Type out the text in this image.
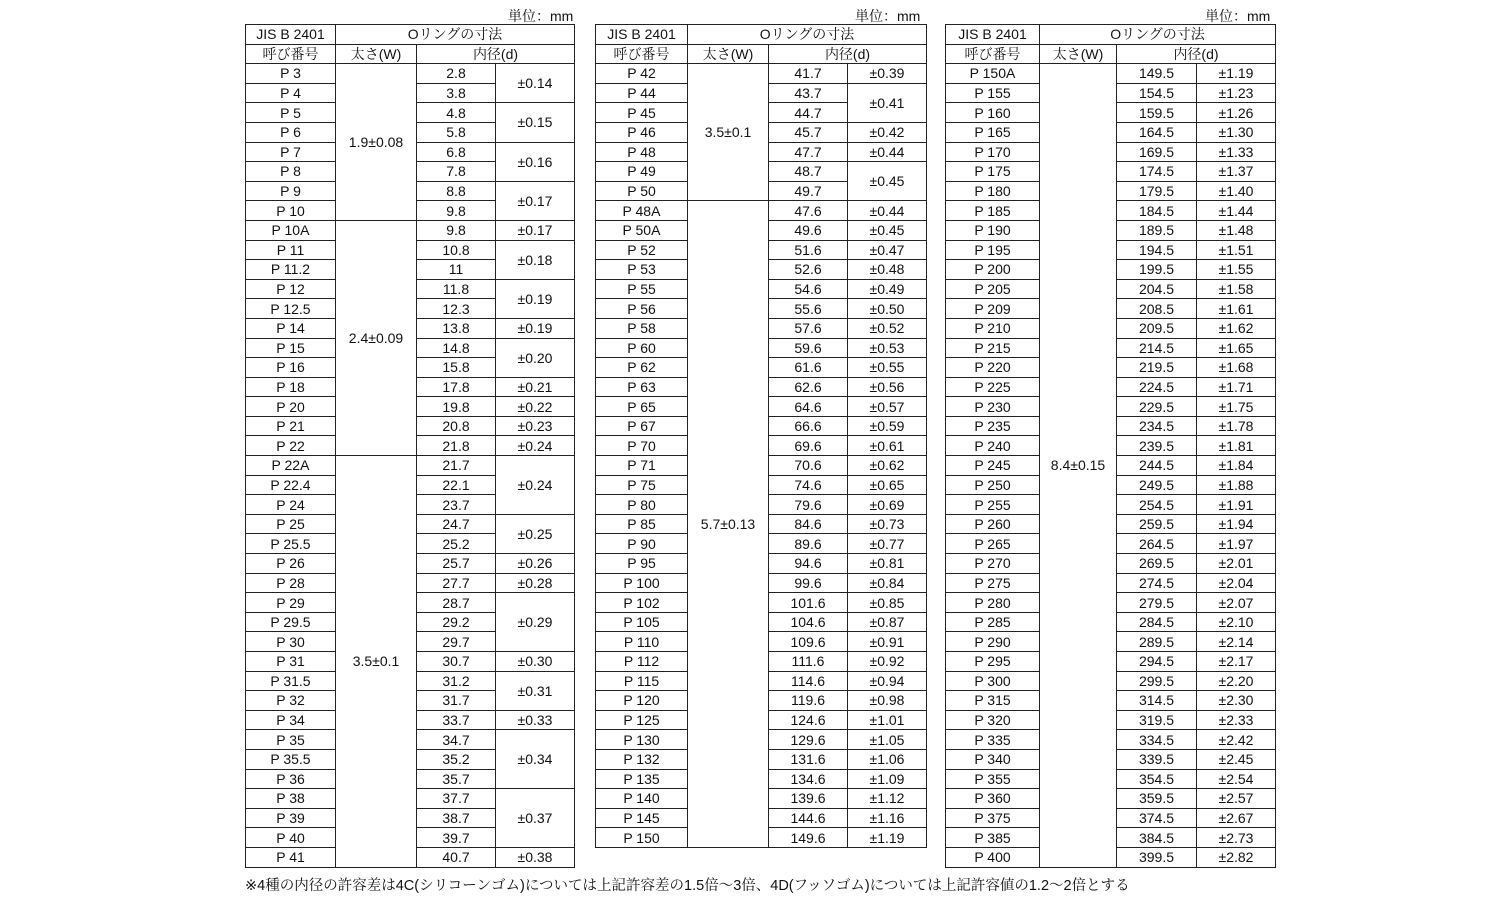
単位：mm	単位：mm	単位：mm
JIS B 2401	Oリングの寸法		
呼び番号	太さ(W)	内径(d)	
P 3	1.9±0.08	2.8	±0.14
P 4		3.8	
P 5		4.8	±0.15
P 6		5.8	
P 7		6.8	±0.16
P 8		7.8	
P 9		8.8	±0.17
P 10		9.8	
P 10A	2.4±0.09	9.8	±0.17
P 11		10.8	±0.18
P 11.2		11	
P 12		11.8	±0.19
P 12.5		12.3	
P 14		13.8	±0.19
P 15		14.8	±0.20
P 16		15.8	
P 18		17.8	±0.21
P 20		19.8	±0.22
P 21		20.8	±0.23
P 22		21.8	±0.24
P 22A	3.5±0.1	21.7	±0.24
P 22.4		22.1	
P 24		23.7	
P 25		24.7	±0.25
P 25.5		25.2	
P 26		25.7	±0.26
P 28		27.7	±0.28
P 29		28.7	±0.29
P 29.5		29.2	
P 30		29.7	
P 31		30.7	±0.30
P 31.5		31.2	±0.31
P 32		31.7	
P 34		33.7	±0.33
P 35		34.7	±0.34
P 35.5		35.2	
P 36		35.7	
P 38		37.7	±0.37
P 39		38.7	
P 40		39.7	
P 41		40.7	±0.38
JIS B 2401	Oリングの寸法		
呼び番号	太さ(W)	内径(d)	
P 42	3.5±0.1	41.7	±0.39
P 44		43.7	±0.41
P 45		44.7	
P 46		45.7	±0.42
P 48		47.7	±0.44
P 49		48.7	±0.45
P 50		49.7	
P 48A	5.7±0.13	47.6	±0.44
P 50A		49.6	±0.45
P 52		51.6	±0.47
P 53		52.6	±0.48
P 55		54.6	±0.49
P 56		55.6	±0.50
P 58		57.6	±0.52
P 60		59.6	±0.53
P 62		61.6	±0.55
P 63		62.6	±0.56
P 65		64.6	±0.57
P 67		66.6	±0.59
P 70		69.6	±0.61
P 71		70.6	±0.62
P 75		74.6	±0.65
P 80		79.6	±0.69
P 85		84.6	±0.73
P 90		89.6	±0.77
P 95		94.6	±0.81
P 100		99.6	±0.84
P 102		101.6	±0.85
P 105		104.6	±0.87
P 110		109.6	±0.91
P 112		111.6	±0.92
P 115		114.6	±0.94
P 120		119.6	±0.98
P 125		124.6	±1.01
P 130		129.6	±1.05
P 132		131.6	±1.06
P 135		134.6	±1.09
P 140		139.6	±1.12
P 145		144.6	±1.16
P 150		149.6	±1.19
JIS B 2401	Oリングの寸法		
呼び番号	太さ(W)	内径(d)	
P 150A	8.4±0.15	149.5	±1.19
P 155		154.5	±1.23
P 160		159.5	±1.26
P 165		164.5	±1.30
P 170		169.5	±1.33
P 175		174.5	±1.37
P 180		179.5	±1.40
P 185		184.5	±1.44
P 190		189.5	±1.48
P 195		194.5	±1.51
P 200		199.5	±1.55
P 205		204.5	±1.58
P 209		208.5	±1.61
P 210		209.5	±1.62
P 215		214.5	±1.65
P 220		219.5	±1.68
P 225		224.5	±1.71
P 230		229.5	±1.75
P 235		234.5	±1.78
P 240		239.5	±1.81
P 245		244.5	±1.84
P 250		249.5	±1.88
P 255		254.5	±1.91
P 260		259.5	±1.94
P 265		264.5	±1.97
P 270		269.5	±2.01
P 275		274.5	±2.04
P 280		279.5	±2.07
P 285		284.5	±2.10
P 290		289.5	±2.14
P 295		294.5	±2.17
P 300		299.5	±2.20
P 315		314.5	±2.30
P 320		319.5	±2.33
P 335		334.5	±2.42
P 340		339.5	±2.45
P 355		354.5	±2.54
P 360		359.5	±2.57
P 375		374.5	±2.67
P 385		384.5	±2.73
P 400		399.5	±2.82
※4種の内径の許容差は4C(シリコーンゴム)については上記許容差の1.5倍～3倍、4D(フッソゴム)については上記許容値の1.2～2倍とする
